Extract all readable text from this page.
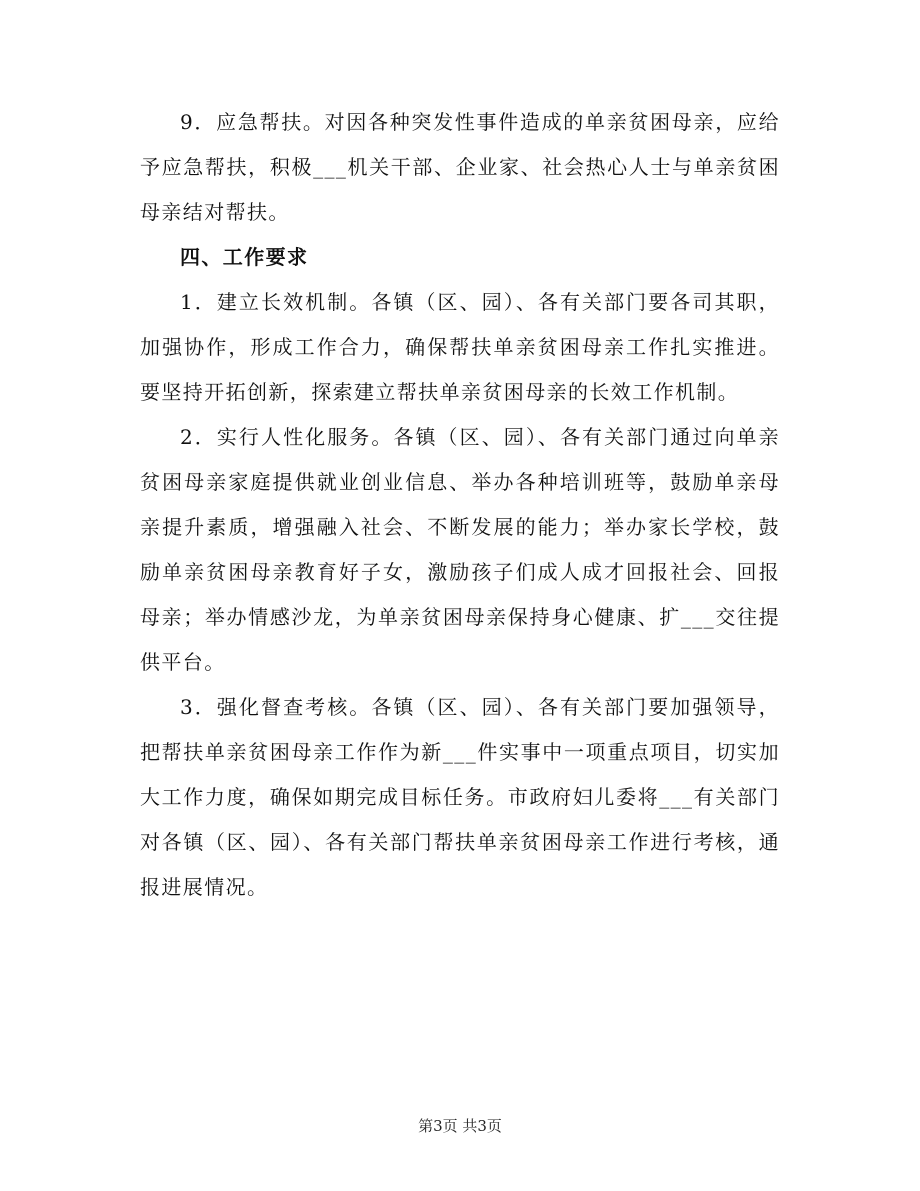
9．应急帮扶。对因各种突发性事件造成的单亲贫困母亲，应给予应急帮扶，积极___机关干部、企业家、社会热心人士与单亲贫困母亲结对帮扶。

四、工作要求

1．建立长效机制。各镇（区、园）、各有关部门要各司其职，加强协作，形成工作合力，确保帮扶单亲贫困母亲工作扎实推进。要坚持开拓创新，探索建立帮扶单亲贫困母亲的长效工作机制。

2．实行人性化服务。各镇（区、园）、各有关部门通过向单亲贫困母亲家庭提供就业创业信息、举办各种培训班等，鼓励单亲母亲提升素质，增强融入社会、不断发展的能力；举办家长学校，鼓励单亲贫困母亲教育好子女，激励孩子们成人成才回报社会、回报母亲；举办情感沙龙，为单亲贫困母亲保持身心健康、扩___交往提供平台。

3．强化督查考核。各镇（区、园）、各有关部门要加强领导，把帮扶单亲贫困母亲工作作为新___件实事中一项重点项目，切实加大工作力度，确保如期完成目标任务。市政府妇儿委将___有关部门对各镇（区、园）、各有关部门帮扶单亲贫困母亲工作进行考核，通报进展情况。

第3页 共3页
